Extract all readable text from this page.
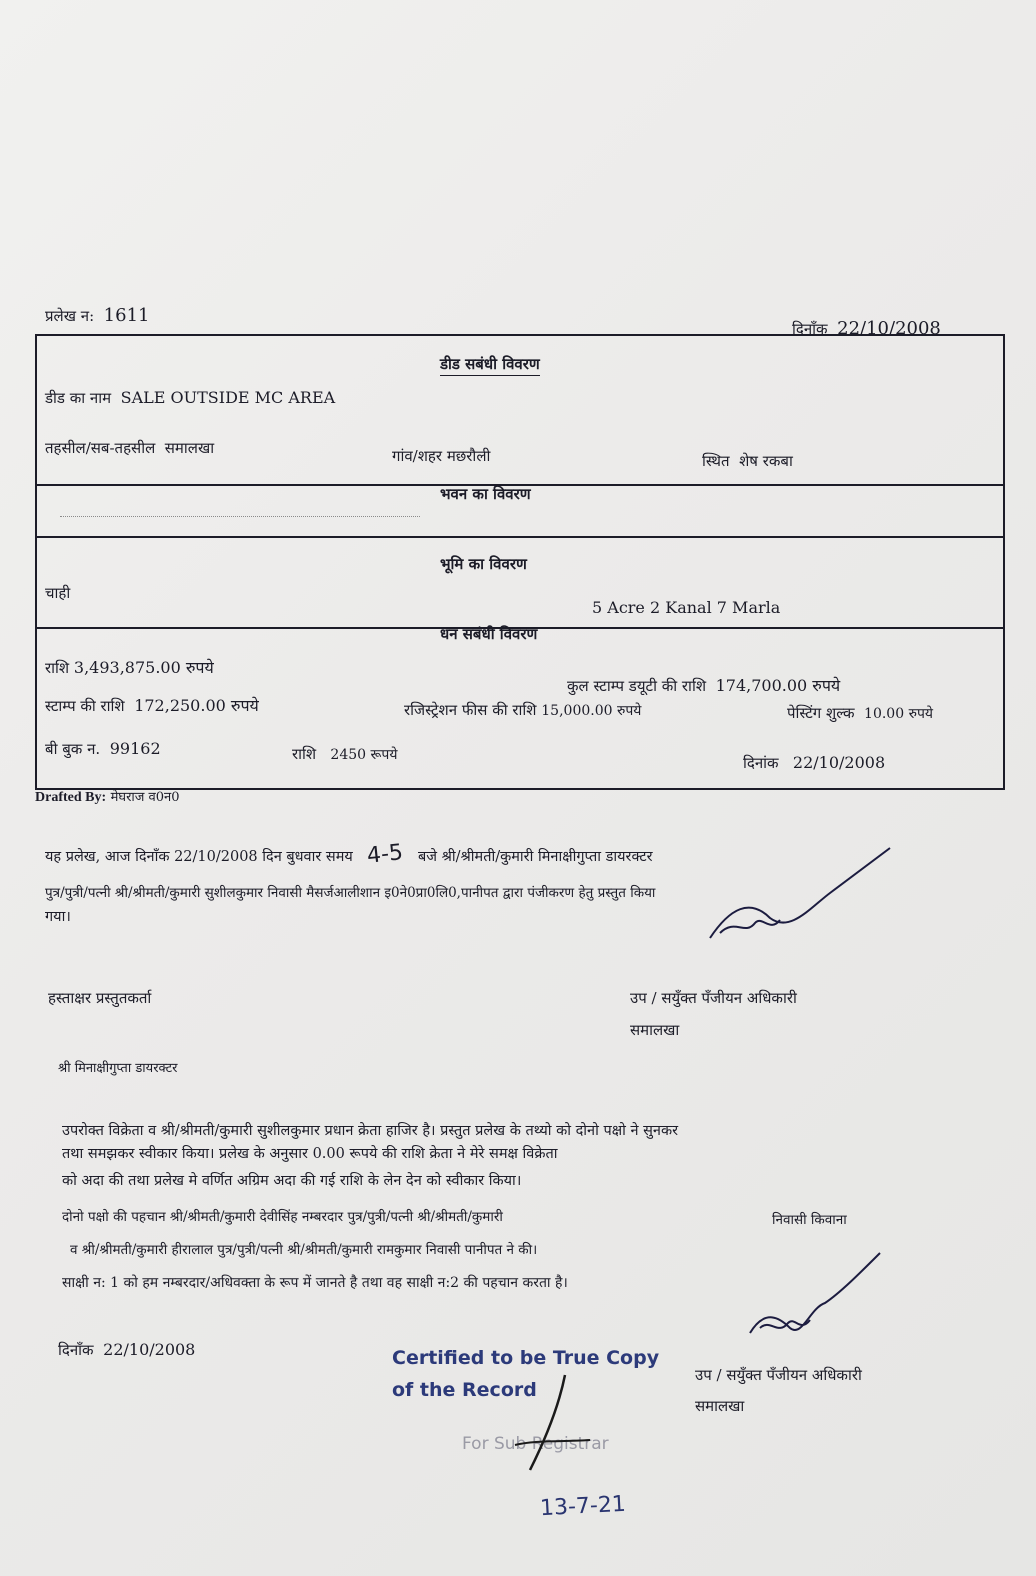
प्रलेख न: 1611
दिनाँक 22/10/2008
डीड सबंधी विवरण
डीड का नाम SALE OUTSIDE MC AREA
तहसील/सब-तहसील समालखा	गांव/शहर मछरौली	स्थित शेष रकबा
भवन का विवरण
भूमि का विवरण
चाही
5 Acre 2 Kanal 7 Marla
धन सबंधी विवरण
राशि 3,493,875.00 रुपये
कुल स्टाम्प डयूटी की राशि 174,700.00 रुपये
स्टाम्प की राशि 172,250.00 रुपये	रजिस्ट्रेशन फीस की राशि 15,000.00 रुपये	पेस्टिंग शुल्क 10.00 रुपये
बी बुक न. 99162	राशि 2450 रूपये	दिनांक 22/10/2008
Drafted By: मेघराज व0न0
यह प्रलेख, आज दिनाँक 22/10/2008 दिन बुधवार समय 4-5 बजे श्री/श्रीमती/कुमारी मिनाक्षीगुप्ता डायरक्टर
पुत्र/पुत्री/पत्नी श्री/श्रीमती/कुमारी सुशीलकुमार निवासी मैसर्जआलीशान इ0ने0प्रा0लि0,पानीपत द्वारा पंजीकरण हेतु प्रस्तुत किया
गया।
हस्ताक्षर प्रस्तुतकर्ता	उप / सयुँक्त पँजीयन अधिकारी
समालखा
श्री मिनाक्षीगुप्ता डायरक्टर
उपरोक्त विक्रेता व श्री/श्रीमती/कुमारी सुशीलकुमार प्रधान क्रेता हाजिर है। प्रस्तुत प्रलेख के तथ्यो को दोनो पक्षो ने सुनकर
तथा समझकर स्वीकार किया। प्रलेख के अनुसार 0.00 रूपये की राशि क्रेता ने मेरे समक्ष विक्रेता
को अदा की तथा प्रलेख मे वर्णित अग्रिम अदा की गई राशि के लेन देन को स्वीकार किया।
दोनो पक्षो की पहचान श्री/श्रीमती/कुमारी देवीसिंह नम्बरदार पुत्र/पुत्री/पत्नी श्री/श्रीमती/कुमारी	निवासी किवाना
व श्री/श्रीमती/कुमारी हीरालाल पुत्र/पुत्री/पत्नी श्री/श्रीमती/कुमारी रामकुमार निवासी पानीपत ने की।
साक्षी न: 1 को हम नम्बरदार/अधिवक्ता के रूप में जानते है तथा वह साक्षी न:2 की पहचान करता है।
दिनाँक 22/10/2008	Certified to be True Copy
of the Record
उप / सयुँक्त पँजीयन अधिकारी
समालखा
For Sub Registrar
13-7-21
